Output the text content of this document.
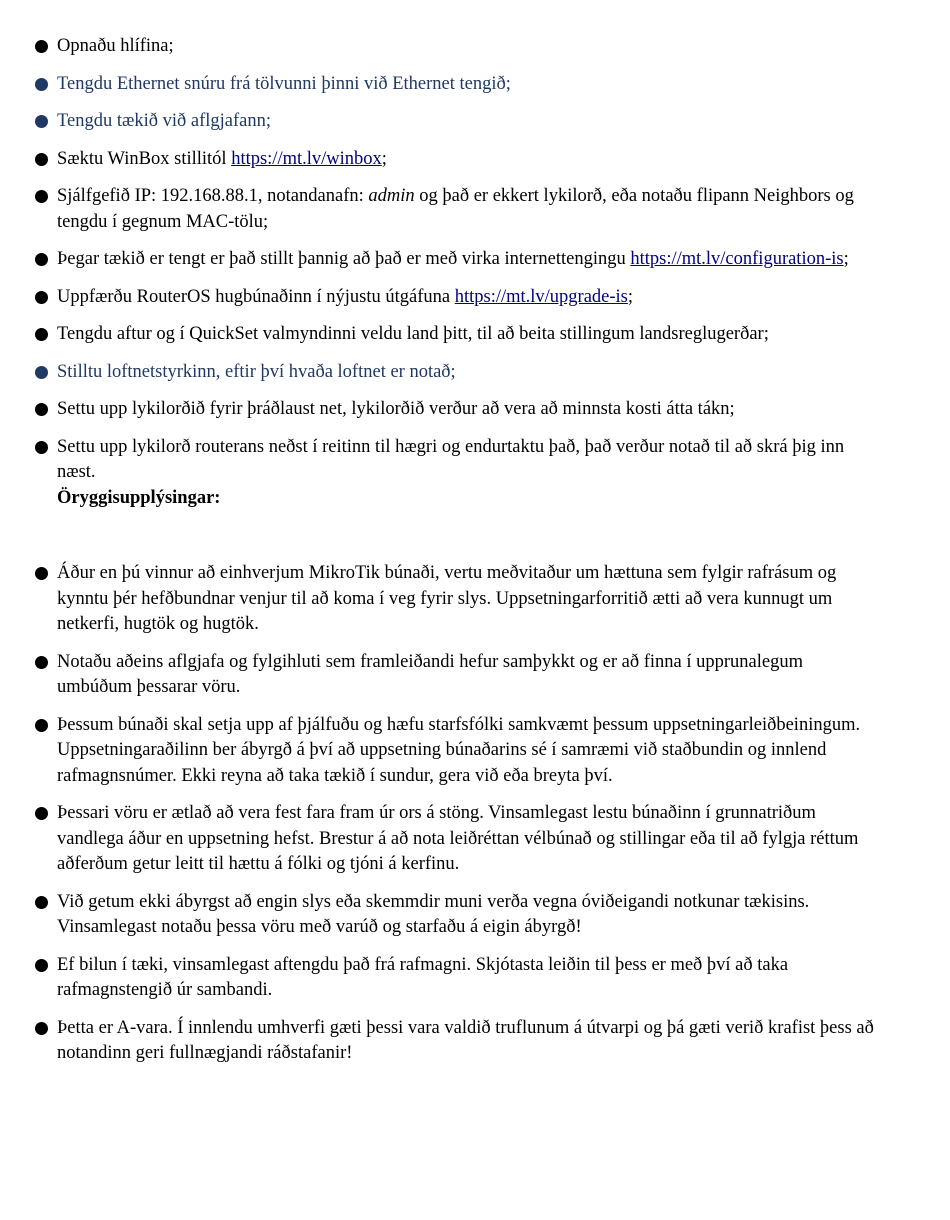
Opnaðu hlífina;
Tengdu Ethernet snúru frá tölvunni þinni við Ethernet tengið;
Tengdu tækið við aflgjafann;
Sæktu WinBox stillitól https://mt.lv/winbox;
Sjálfgefið IP: 192.168.88.1, notandanafn: admin og það er ekkert lykilorð, eða notaðu flipann Neighbors og tengdu í gegnum MAC-tölu;
Þegar tækið er tengt er það stillt þannig að það er með virka internettengingu https://mt.lv/configuration-is;
Uppfærðu RouterOS hugbúnaðinn í nýjustu útgáfuna https://mt.lv/upgrade-is;
Tengdu aftur og í QuickSet valmyndinni veldu land þitt, til að beita stillingum landsreglugerðar;
Stilltu loftnetstyrkinn, eftir því hvaða loftnet er notað;
Settu upp lykilorðið fyrir þráðlaust net, lykilorðið verður að vera að minnsta kosti átta tákn;
Settu upp lykilorð routerans neðst í reitinn til hægri og endurtaktu það, það verður notað til að skrá þig inn næst.
Öryggisupplýsingar:
Áður en þú vinnur að einhverjum MikroTik búnaði, vertu meðvitaður um hættuna sem fylgir rafrásum og kynntu þér hefðbundnar venjur til að koma í veg fyrir slys. Uppsetningarforritið ætti að vera kunnugt um netkerfi, hugtök og hugtök.
Notaðu aðeins aflgjafa og fylgihluti sem framleiðandi hefur samþykkt og er að finna í upprunalegum umbúðum þessarar vöru.
Þessum búnaði skal setja upp af þjálfuðu og hæfu starfsfólki samkvæmt þessum uppsetningarleiðbeiningum. Uppsetningaraðilinn ber ábyrgð á því að uppsetning búnaðarins sé í samræmi við staðbundin og innlend rafmagnsnúmer. Ekki reyna að taka tækið í sundur, gera við eða breyta því.
Þessari vöru er ætlað að vera fest fara fram úr ors á stöng. Vinsamlegast lestu búnaðinn í grunnatriðum vandlega áður en uppsetning hefst. Brestur á að nota leiðréttan vélbúnað og stillingar eða til að fylgja réttum aðferðum getur leitt til hættu á fólki og tjóni á kerfinu.
Við getum ekki ábyrgst að engin slys eða skemmdir muni verða vegna óviðeigandi notkunar tækisins. Vinsamlegast notaðu þessa vöru með varúð og starfaðu á eigin ábyrgð!
Ef bilun í tæki, vinsamlegast aftengdu það frá rafmagni. Skjótasta leiðin til þess er með því að taka rafmagnstengið úr sambandi.
Þetta er A-vara. Í innlendu umhverfi gæti þessi vara valdið truflunum á útvarpi og þá gæti verið krafist þess að notandinn geri fullnægjandi ráðstafanir!
